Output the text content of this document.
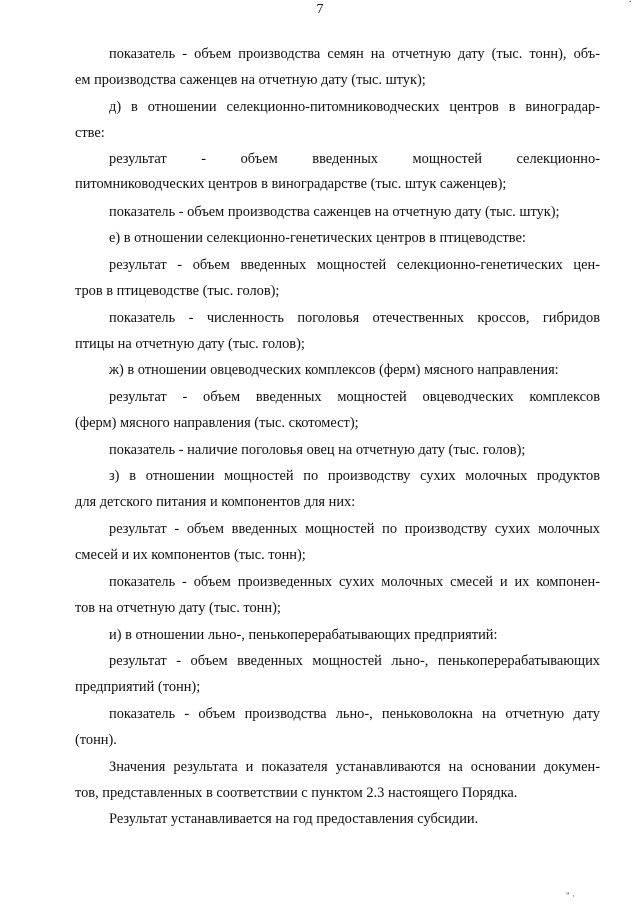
·
7
показатель - объем производства семян на отчетную дату (тыс. тонн), объ-
ем производства саженцев на отчетную дату (тыс. штук);
д) в отношении селекционно-питомниководческих центров в виноградар-
стве:
результат - объем введенных мощностей селекционно-
питомниководческих центров в виноградарстве (тыс. штук саженцев);
показатель - объем производства саженцев на отчетную дату (тыс. штук);
е) в отношении селекционно-генетических центров в птицеводстве:
результат - объем введенных мощностей селекционно-генетических цен-
тров в птицеводстве (тыс. голов);
показатель - численность поголовья отечественных кроссов, гибридов
птицы на отчетную дату (тыс. голов);
ж) в отношении овцеводческих комплексов (ферм) мясного направления:
результат - объем введенных мощностей овцеводческих комплексов
(ферм) мясного направления (тыс. скотомест);
показатель - наличие поголовья овец на отчетную дату (тыс. голов);
з) в отношении мощностей по производству сухих молочных продуктов
для детского питания и компонентов для них:
результат - объем введенных мощностей по производству сухих молочных
смесей и их компонентов (тыс. тонн);
показатель - объем произведенных сухих молочных смесей и их компонен-
тов на отчетную дату (тыс. тонн);
и) в отношении льно-, пенькоперерабатывающих предприятий:
результат - объем введенных мощностей льно-, пенькоперерабатывающих
предприятий (тонн);
показатель - объем производства льно-, пеньковолокна на отчетную дату
(тонн).
Значения результата и показателя устанавливаются на основании докумен-
тов, представленных в соответствии с пунктом 2.3 настоящего Порядка.
Результат устанавливается на год предоставления субсидии.
" ·
